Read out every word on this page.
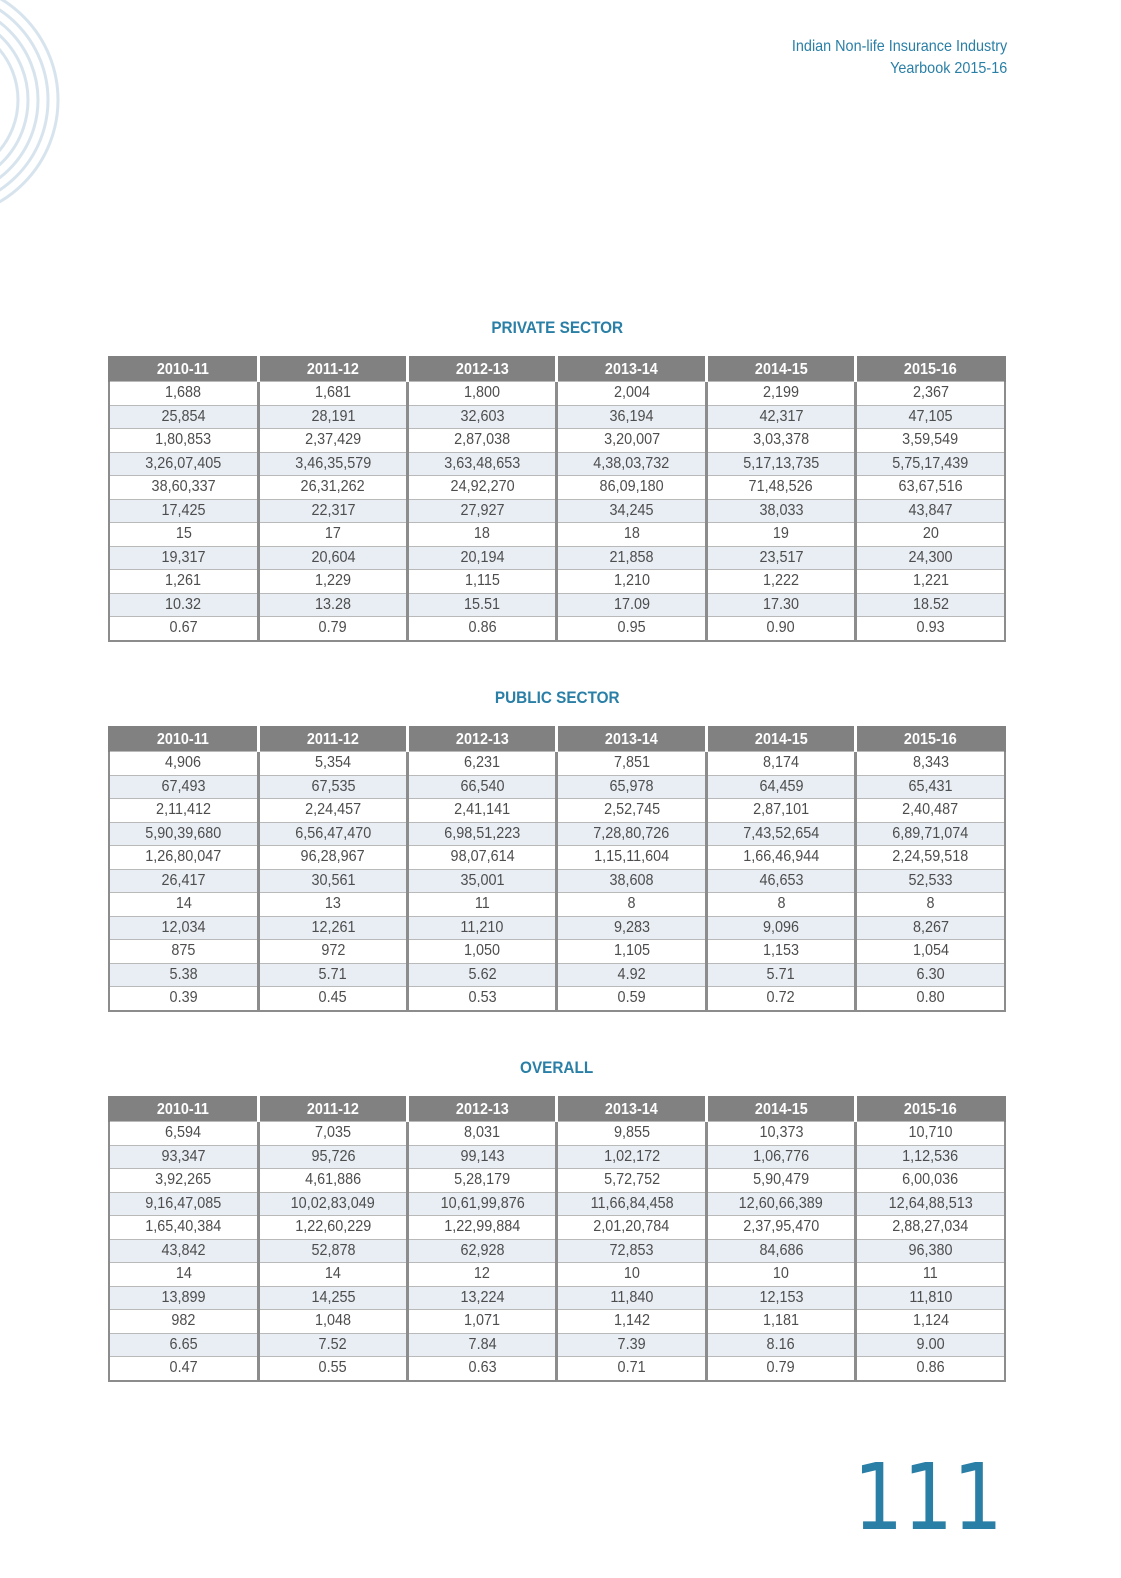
Indian Non-life Insurance Industry
Yearbook 2015-16
PRIVATE SECTOR
2010-11	2011-12	2012-13	2013-14	2014-15	2015-16
1,688	1,681	1,800	2,004	2,199	2,367
25,854	28,191	32,603	36,194	42,317	47,105
1,80,853	2,37,429	2,87,038	3,20,007	3,03,378	3,59,549
3,26,07,405	3,46,35,579	3,63,48,653	4,38,03,732	5,17,13,735	5,75,17,439
38,60,337	26,31,262	24,92,270	86,09,180	71,48,526	63,67,516
17,425	22,317	27,927	34,245	38,033	43,847
15	17	18	18	19	20
19,317	20,604	20,194	21,858	23,517	24,300
1,261	1,229	1,115	1,210	1,222	1,221
10.32	13.28	15.51	17.09	17.30	18.52
0.67	0.79	0.86	0.95	0.90	0.93
PUBLIC SECTOR
2010-11	2011-12	2012-13	2013-14	2014-15	2015-16
4,906	5,354	6,231	7,851	8,174	8,343
67,493	67,535	66,540	65,978	64,459	65,431
2,11,412	2,24,457	2,41,141	2,52,745	2,87,101	2,40,487
5,90,39,680	6,56,47,470	6,98,51,223	7,28,80,726	7,43,52,654	6,89,71,074
1,26,80,047	96,28,967	98,07,614	1,15,11,604	1,66,46,944	2,24,59,518
26,417	30,561	35,001	38,608	46,653	52,533
14	13	11	8	8	8
12,034	12,261	11,210	9,283	9,096	8,267
875	972	1,050	1,105	1,153	1,054
5.38	5.71	5.62	4.92	5.71	6.30
0.39	0.45	0.53	0.59	0.72	0.80
OVERALL
2010-11	2011-12	2012-13	2013-14	2014-15	2015-16
6,594	7,035	8,031	9,855	10,373	10,710
93,347	95,726	99,143	1,02,172	1,06,776	1,12,536
3,92,265	4,61,886	5,28,179	5,72,752	5,90,479	6,00,036
9,16,47,085	10,02,83,049	10,61,99,876	11,66,84,458	12,60,66,389	12,64,88,513
1,65,40,384	1,22,60,229	1,22,99,884	2,01,20,784	2,37,95,470	2,88,27,034
43,842	52,878	62,928	72,853	84,686	96,380
14	14	12	10	10	11
13,899	14,255	13,224	11,840	12,153	11,810
982	1,048	1,071	1,142	1,181	1,124
6.65	7.52	7.84	7.39	8.16	9.00
0.47	0.55	0.63	0.71	0.79	0.86
111
